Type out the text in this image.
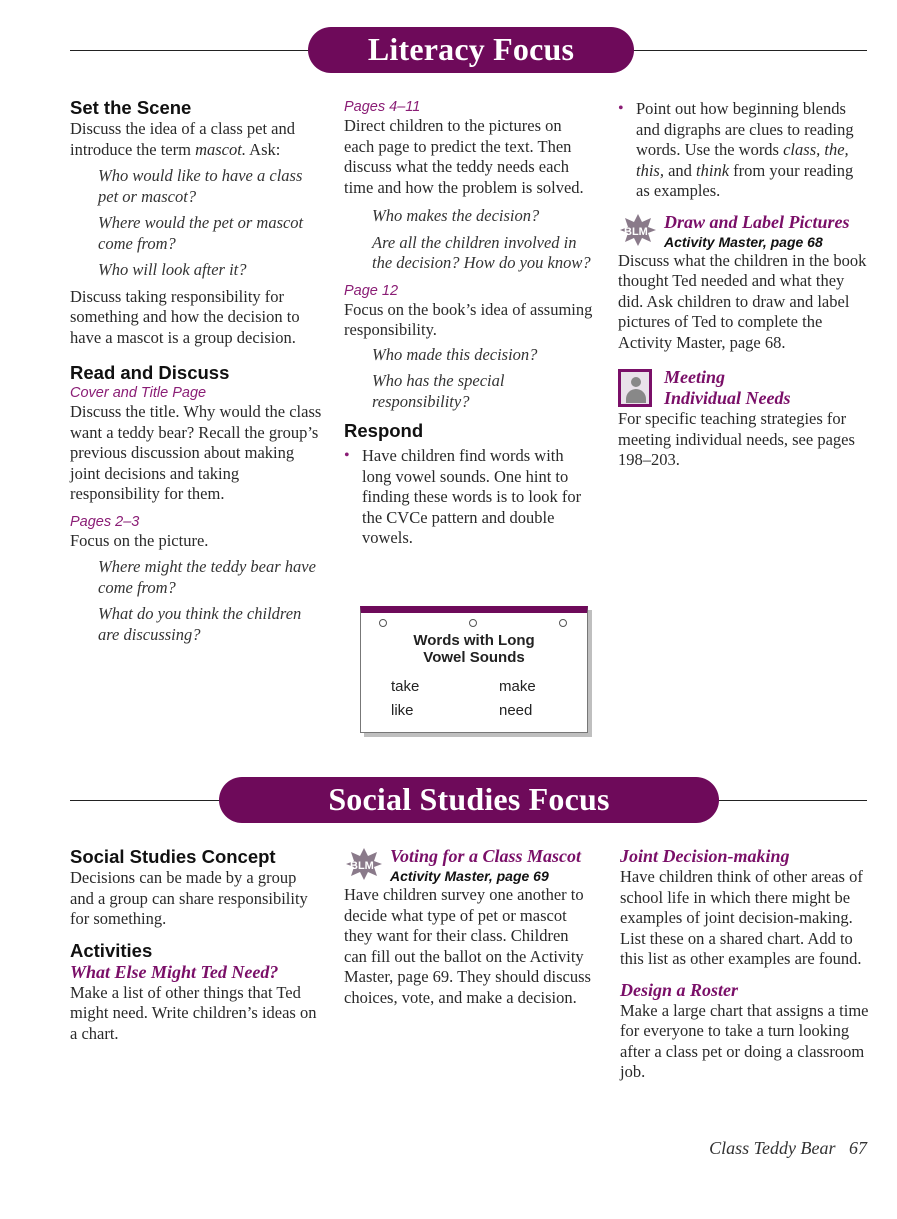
Literacy Focus
Set the Scene
Discuss the idea of a class pet and introduce the term mascot. Ask:
Who would like to have a class pet or mascot?
Where would the pet or mascot come from?
Who will look after it?
Discuss taking responsibility for something and how the decision to have a mascot is a group decision.
Read and Discuss
Cover and Title Page
Discuss the title. Why would the class want a teddy bear? Recall the group’s previous discussion about making joint decisions and taking responsibility for them.
Pages 2–3
Focus on the picture.
Where might the teddy bear have come from?
What do you think the children are discussing?
Pages 4–11
Direct children to the pictures on each page to predict the text. Then discuss what the teddy needs each time and how the problem is solved.
Who makes the decision?
Are all the children involved in the decision? How do you know?
Page 12
Focus on the book’s idea of assuming responsibility.
Who made this decision?
Who has the special responsibility?
Respond
• Have children find words with long vowel sounds. One hint to finding these words is to look for the CVCe pattern and double vowels.
Words with Long
Vowel Sounds
take	make
like	need
• Point out how beginning blends and digraphs are clues to reading words. Use the words class, the, this, and think from your reading as examples.
BLM Draw and Label Pictures
Activity Master, page 68
Discuss what the children in the book thought Ted needed and what they did. Ask children to draw and label pictures of Ted to complete the Activity Master, page 68.
Meeting
Individual Needs
For specific teaching strategies for meeting individual needs, see pages 198–203.
Social Studies Focus
Social Studies Concept
Decisions can be made by a group and a group can share responsibility for something.
Activities
What Else Might Ted Need?
Make a list of other things that Ted might need. Write children’s ideas on a chart.
BLM Voting for a Class Mascot
Activity Master, page 69
Have children survey one another to decide what type of pet or mascot they want for their class. Children can fill out the ballot on the Activity Master, page 69. They should discuss choices, vote, and make a decision.
Joint Decision-making
Have children think of other areas of school life in which there might be examples of joint decision-making. List these on a shared chart. Add to this list as other examples are found.
Design a Roster
Make a large chart that assigns a time for everyone to take a turn looking after a class pet or doing a classroom job.
Class Teddy Bear   67
